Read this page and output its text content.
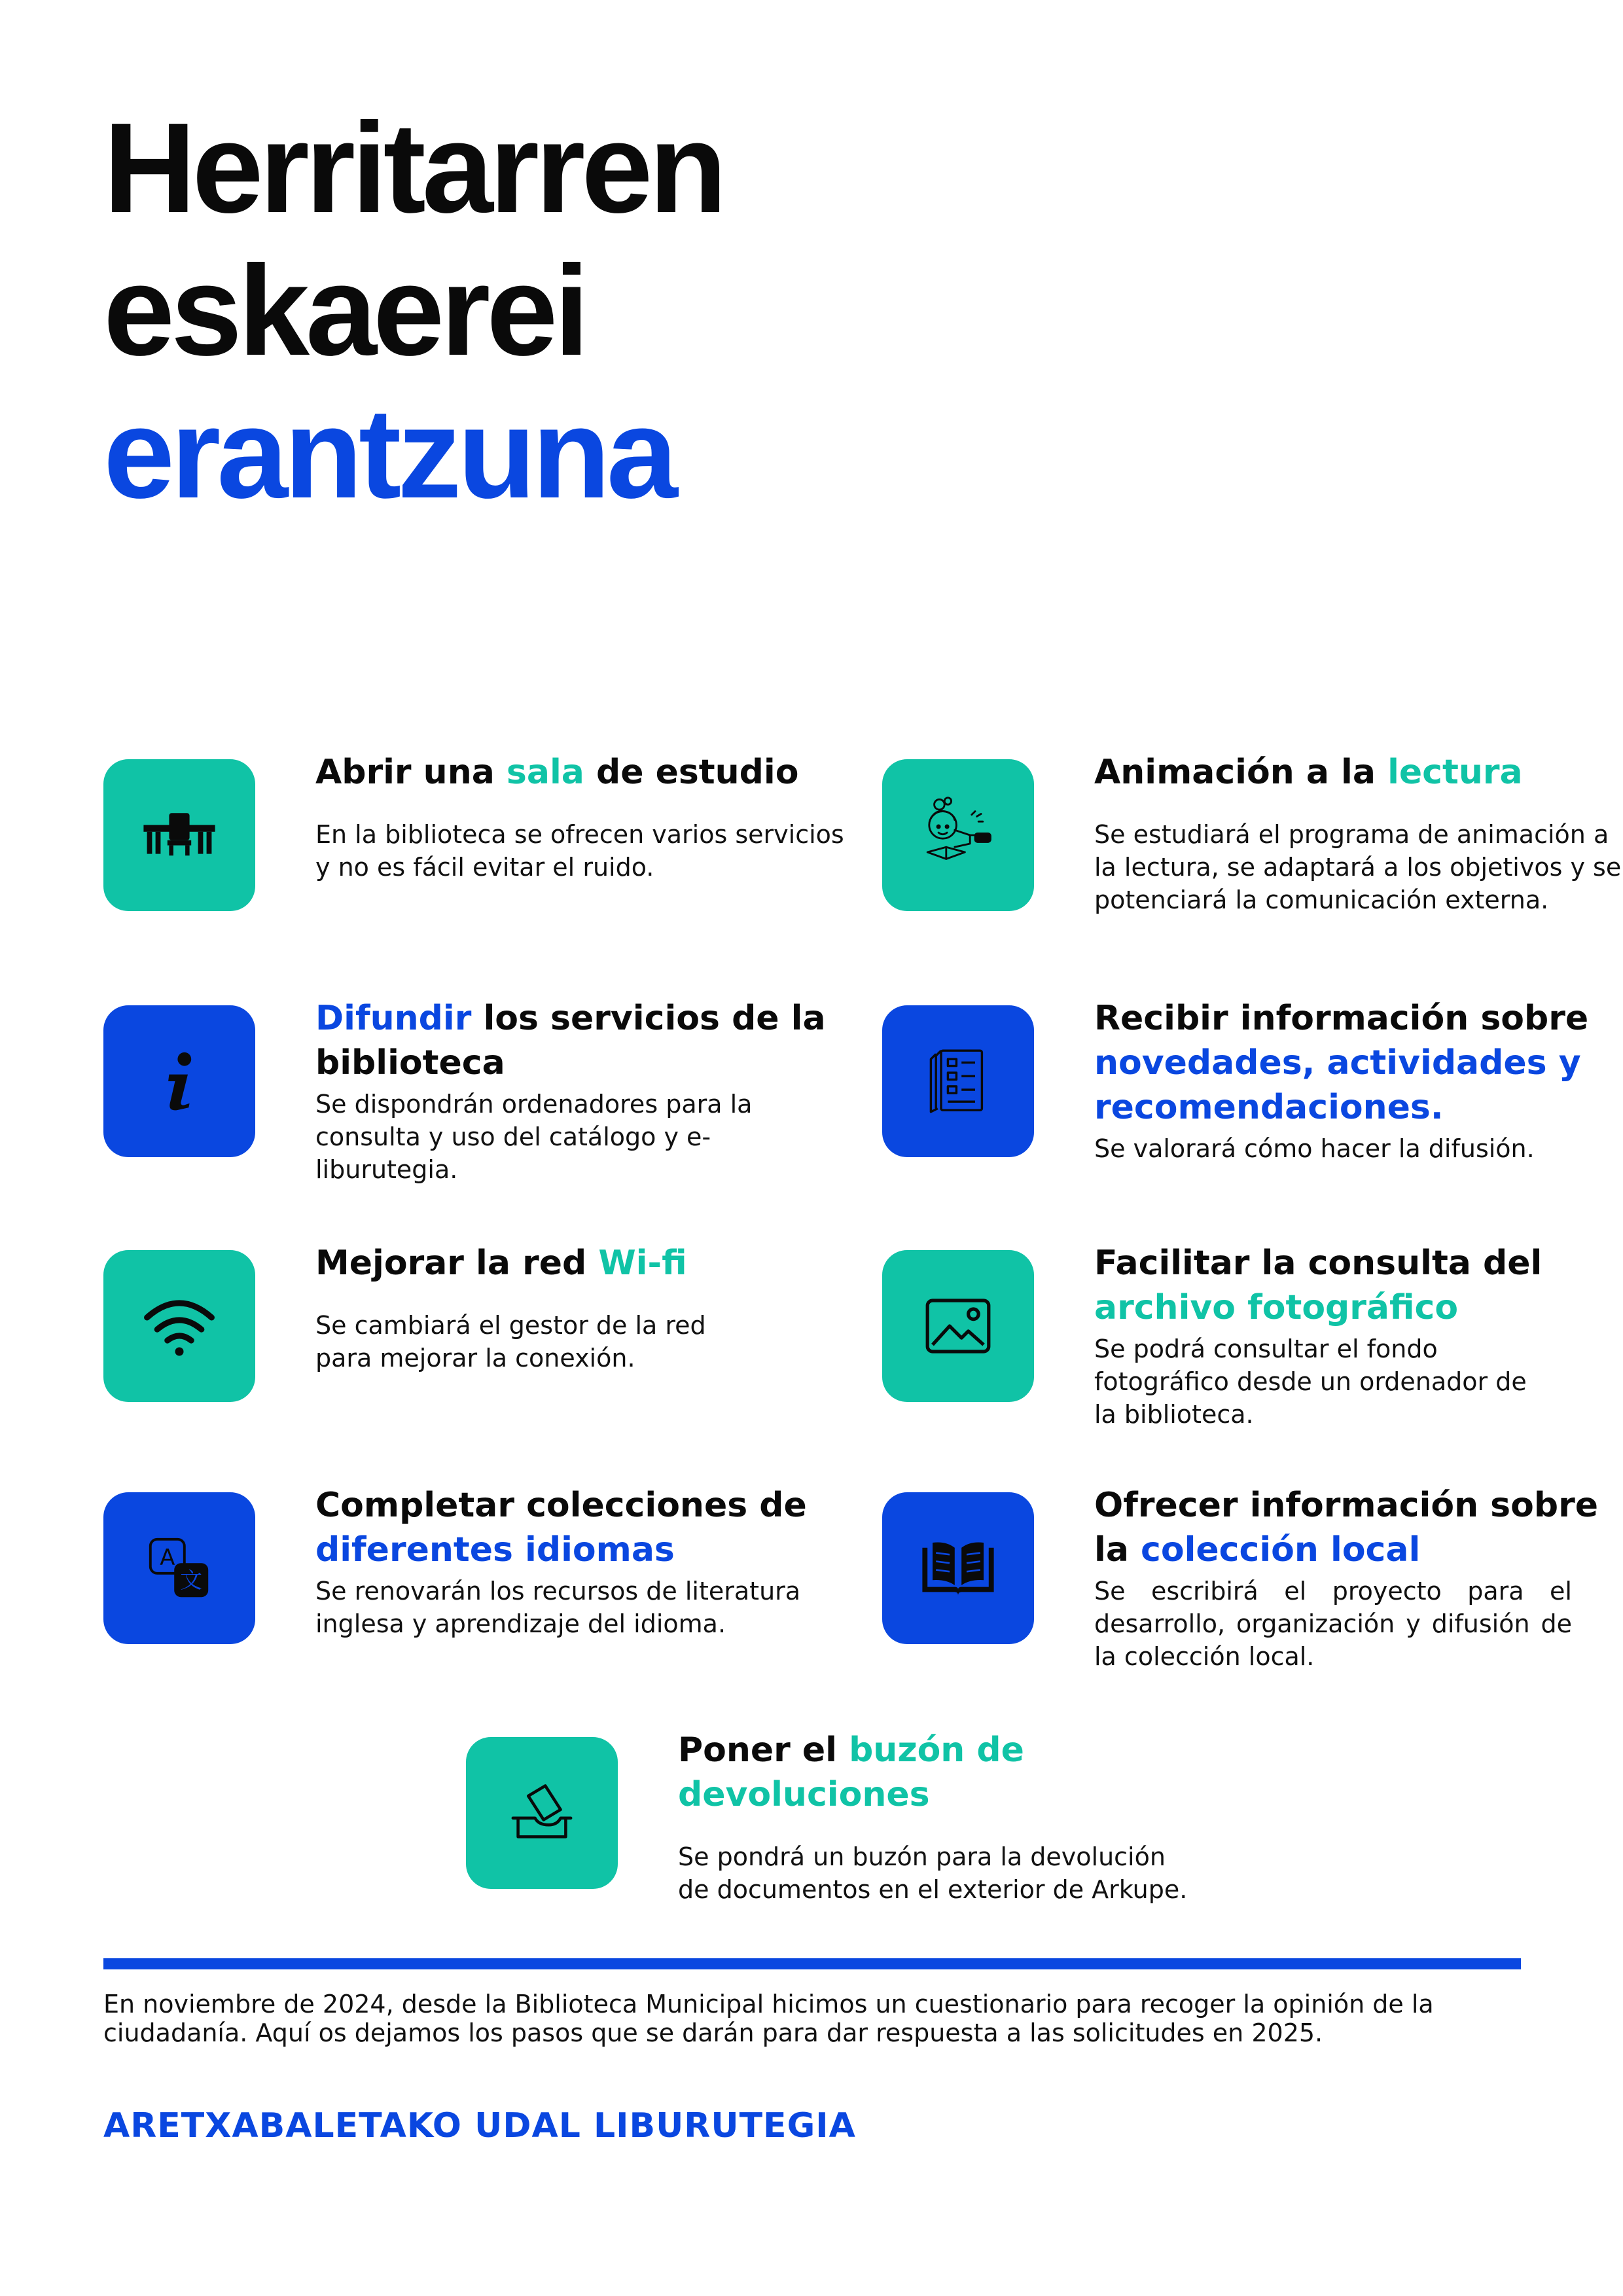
Herritarren
eskaerei
erantzuna

Abrir una sala de estudio

En la biblioteca se ofrecen varios servicios y no es fácil evitar el ruido.

Animación a la lectura

Se estudiará el programa de animación a la lectura, se adaptará a los objetivos y se potenciará la comunicación externa.

Difundir los servicios de la biblioteca

Se dispondrán ordenadores para la consulta y uso del catálogo y e-liburutegia.

Recibir información sobre novedades, actividades y recomendaciones.

Se valorará cómo hacer la difusión.

Mejorar la red Wi-fi

Se cambiará el gestor de la red para mejorar la conexión.

Facilitar la consulta del archivo fotográfico

Se podrá consultar el fondo fotográfico desde un ordenador de la biblioteca.

A
文

Completar colecciones de diferentes idiomas

Se renovarán los recursos de literatura inglesa y aprendizaje del idioma.

Ofrecer información sobre la colección local

Se escribirá el proyecto para el desarrollo, organización y difusión de la colección local.

Poner el buzón de devoluciones

Se pondrá un buzón para la devolución de documentos en el exterior de Arkupe.

En noviembre de 2024, desde la Biblioteca Municipal hicimos un cuestionario para recoger la opinión de la ciudadanía. Aquí os dejamos los pasos que se darán para dar respuesta a las solicitudes en 2025.

ARETXABALETAKO UDAL LIBURUTEGIA
